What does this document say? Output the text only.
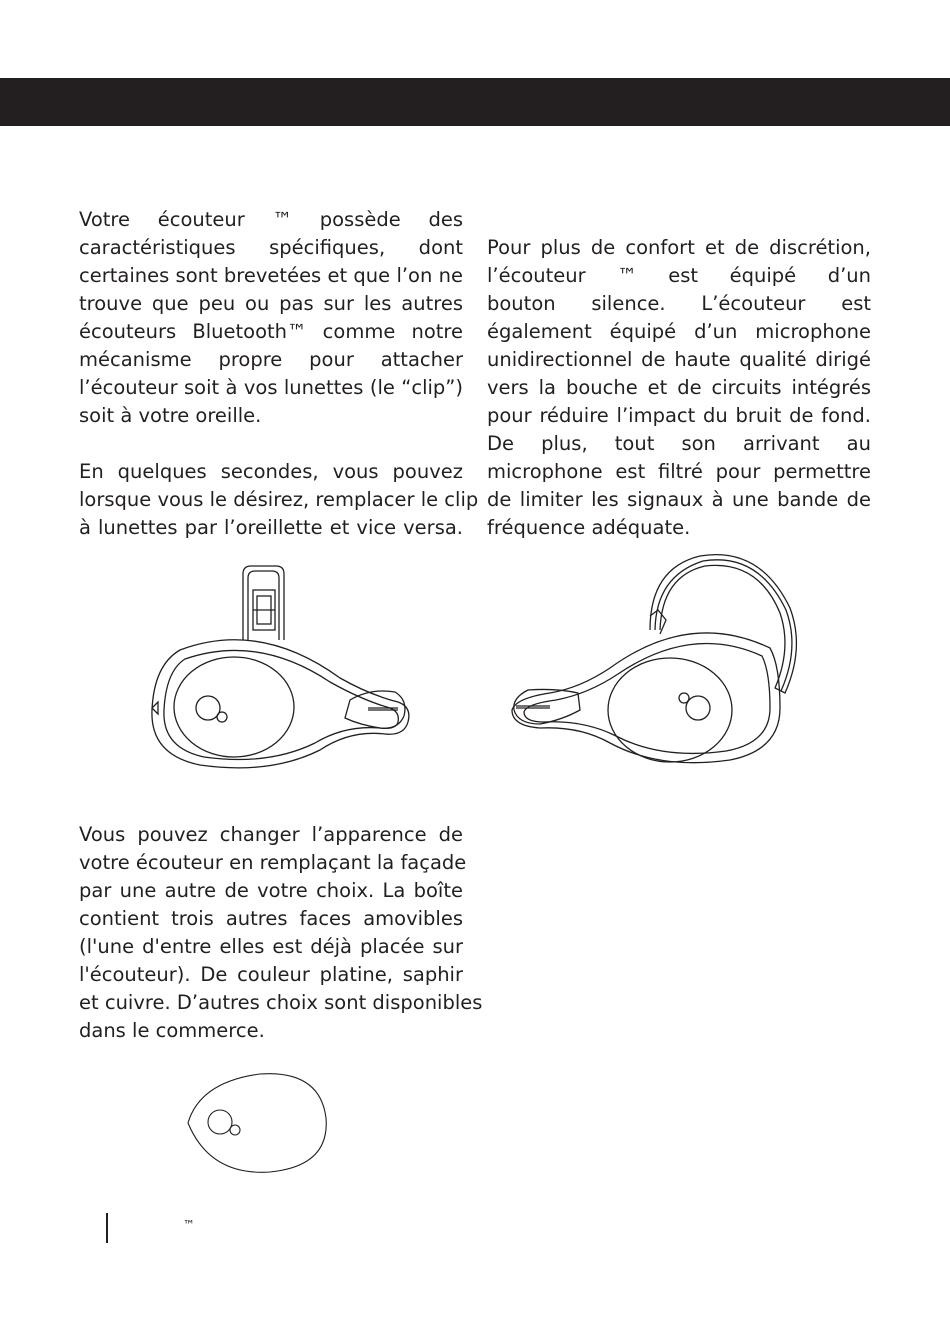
Votre écouteur ™ possède des
caractéristiques spécifiques, dont
certaines sont brevetées et que l’on ne
trouve que peu ou pas sur les autres
écouteurs Bluetooth™ comme notre
mécanisme propre pour attacher
l’écouteur soit à vos lunettes (le “clip”)
soit à votre oreille.

En quelques secondes, vous pouvez
lorsque vous le désirez, remplacer le clip
à lunettes par l’oreillette et vice versa.

Pour plus de confort et de discrétion,
l’écouteur ™ est équipé d’un
bouton silence. L’écouteur est
également équipé d’un microphone
unidirectionnel de haute qualité dirigé
vers la bouche et de circuits intégrés
pour réduire l’impact du bruit de fond.
De plus, tout son arrivant au
microphone est filtré pour permettre
de limiter les signaux à une bande de
fréquence adéquate.

Vous pouvez changer l’apparence de
votre écouteur en remplaçant la façade
par une autre de votre choix. La boîte
contient trois autres faces amovibles
(l'une d'entre elles est déjà placée sur
l'écouteur). De couleur platine, saphir
et cuivre. D’autres choix sont disponibles
dans le commerce.

™
